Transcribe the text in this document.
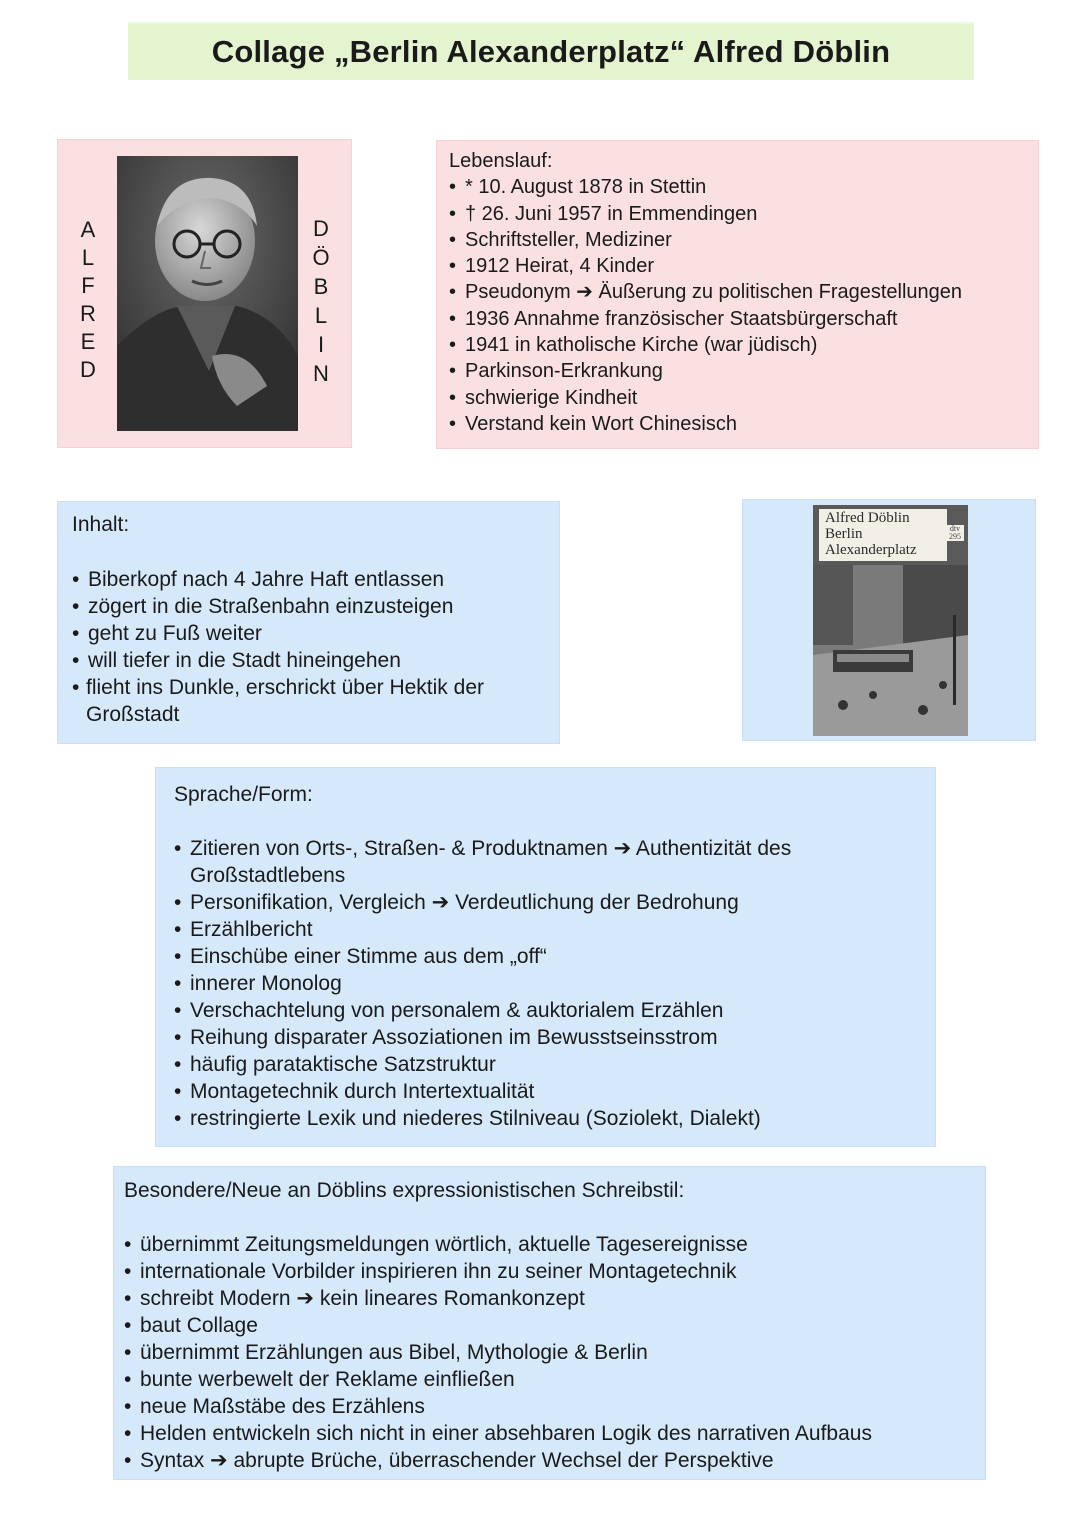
Collage „Berlin Alexanderplatz“ Alfred Döblin
A
L
F
R
E
D
D
Ö
B
L
I
N
Lebenslauf:
• * 10. August 1878 in Stettin
• † 26. Juni 1957 in Emmendingen
• Schriftsteller, Mediziner
• 1912 Heirat, 4 Kinder
• Pseudonym ➔ Äußerung zu politischen Fragestellungen
• 1936 Annahme französischer Staatsbürgerschaft
• 1941 in katholische Kirche (war jüdisch)
• Parkinson-Erkrankung
• schwierige Kindheit
• Verstand kein Wort Chinesisch
Inhalt:
• Biberkopf nach 4 Jahre Haft entlassen
• zögert in die Straßenbahn einzusteigen
• geht zu Fuß weiter
• will tiefer in die Stadt hineingehen
• flieht ins Dunkle, erschrickt über Hektik der Großstadt
Alfred Döblin
Berlin
Alexanderplatz
dtv 295
Sprache/Form:
• Zitieren von Orts-, Straßen- & Produktnamen ➔ Authentizität des Großstadtlebens
• Personifikation, Vergleich ➔ Verdeutlichung der Bedrohung
• Erzählbericht
• Einschübe einer Stimme aus dem „off“
• innerer Monolog
• Verschachtelung von personalem & auktorialem Erzählen
• Reihung disparater Assoziationen im Bewusstseinsstrom
• häufig parataktische Satzstruktur
• Montagetechnik durch Intertextualität
• restringierte Lexik und niederes Stilniveau (Soziolekt, Dialekt)
Besondere/Neue an Döblins expressionistischen Schreibstil:
• übernimmt Zeitungsmeldungen wörtlich, aktuelle Tagesereignisse
• internationale Vorbilder inspirieren ihn zu seiner Montagetechnik
• schreibt Modern ➔ kein lineares Romankonzept
• baut Collage
• übernimmt Erzählungen aus Bibel, Mythologie & Berlin
• bunte werbewelt der Reklame einfließen
• neue Maßstäbe des Erzählens
• Helden entwickeln sich nicht in einer absehbaren Logik des narrativen Aufbaus
• Syntax ➔ abrupte Brüche, überraschender Wechsel der Perspektive
